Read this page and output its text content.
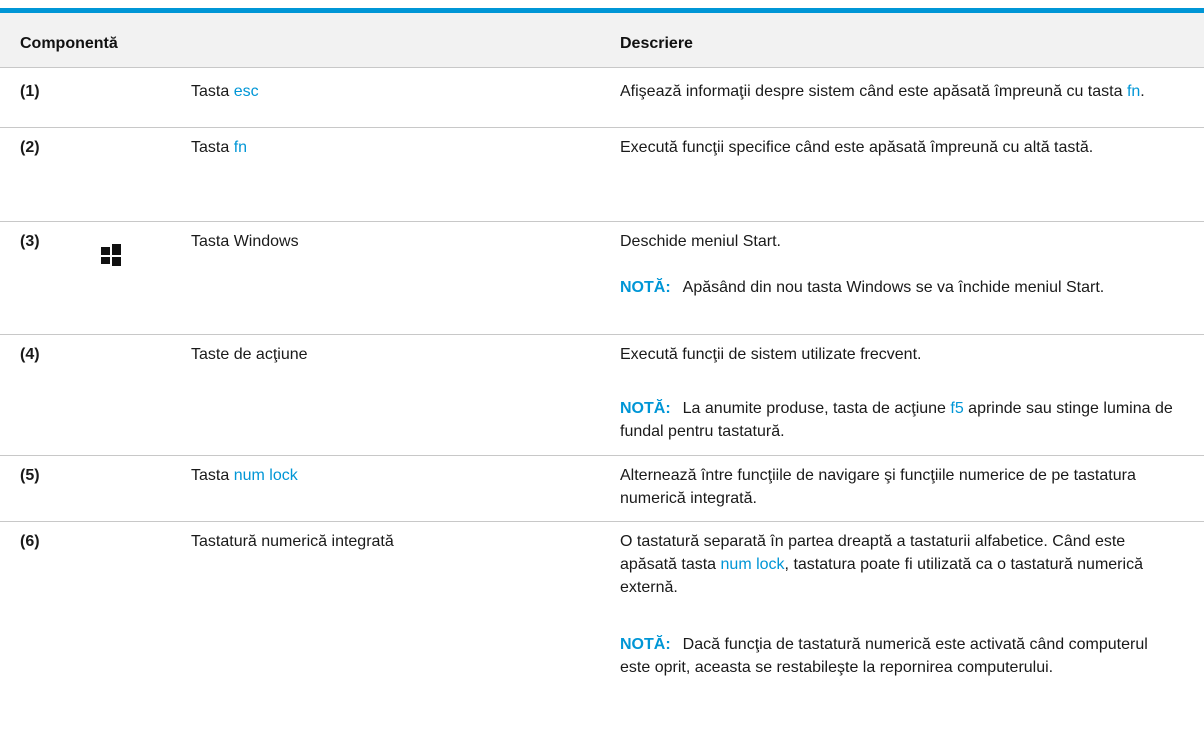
Componentă	Descriere
(1)	Tasta esc	Afişează informaţii despre sistem când este apăsată împreună cu tasta fn.
(2)	Tasta fn	Execută funcţii specifice când este apăsată împreună cu altă tastă.
(3)	Tasta Windows	Deschide meniul Start.
NOTĂ: Apăsând din nou tasta Windows se va închide meniul Start.
(4)	Taste de acţiune	Execută funcţii de sistem utilizate frecvent.
NOTĂ: La anumite produse, tasta de acţiune f5 aprinde sau stinge lumina de fundal pentru tastatură.
(5)	Tasta num lock	Alternează între funcţiile de navigare şi funcţiile numerice de pe tastatura numerică integrată.
(6)	Tastatură numerică integrată	O tastatură separată în partea dreaptă a tastaturii alfabetice. Când este apăsată tasta num lock, tastatura poate fi utilizată ca o tastatură numerică externă.
NOTĂ: Dacă funcţia de tastatură numerică este activată când computerul este oprit, aceasta se restabileşte la repornirea computerului.
